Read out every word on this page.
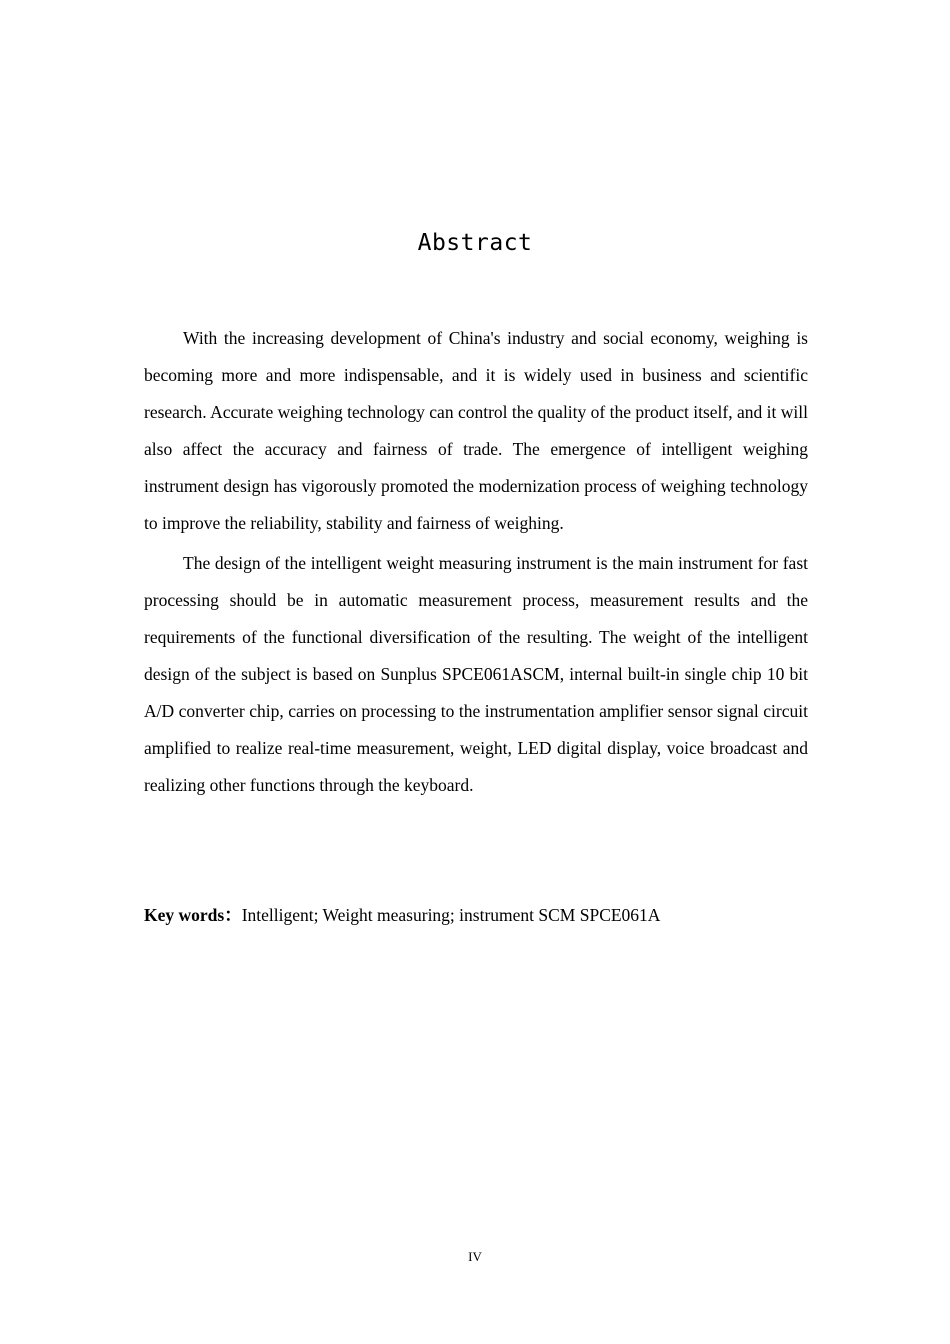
Abstract

With the increasing development of China's industry and social economy, weighing is becoming more and more indispensable, and it is widely used in business and scientific research. Accurate weighing technology can control the quality of the product itself, and it will also affect the accuracy and fairness of trade. The emergence of intelligent weighing instrument design has vigorously promoted the modernization process of weighing technology to improve the reliability, stability and fairness of weighing.

The design of the intelligent weight measuring instrument is the main instrument for fast processing should be in automatic measurement process, measurement results and the requirements of the functional diversification of the resulting. The weight of the intelligent design of the subject is based on Sunplus SPCE061ASCM, internal built-in single chip 10 bit A/D converter chip, carries on processing to the instrumentation amplifier sensor signal circuit amplified to realize real-time measurement, weight, LED digital display, voice broadcast and realizing other functions through the keyboard.

Key words：Intelligent; Weight measuring; instrument SCM SPCE061A
IV
